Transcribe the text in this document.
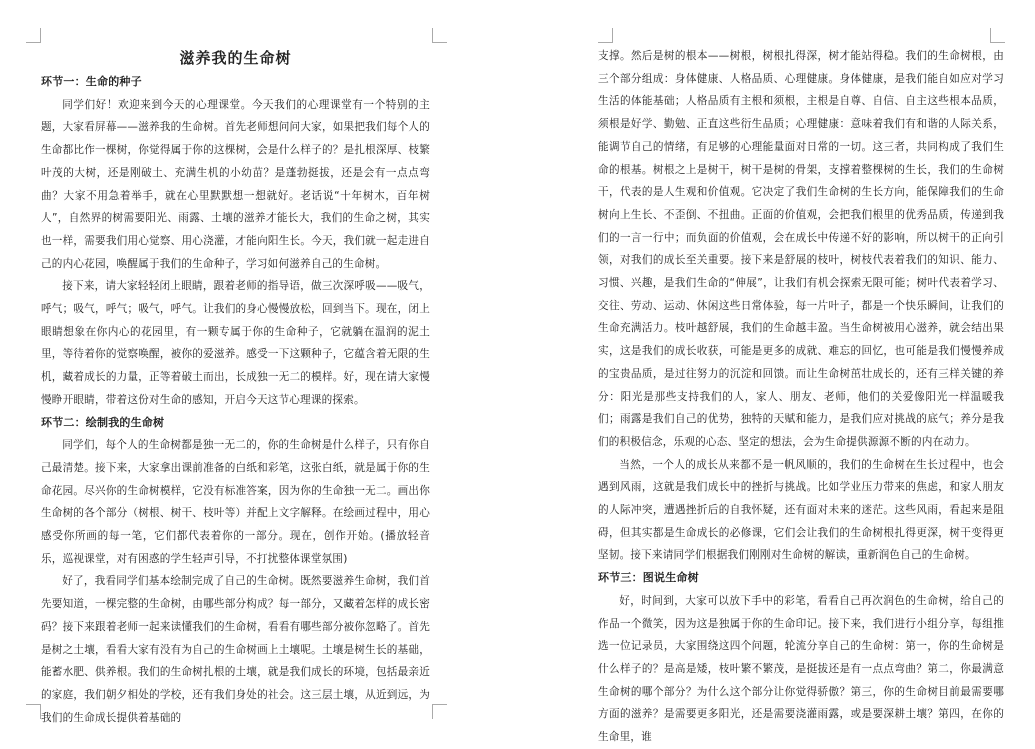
滋养我的生命树

环节一：生命的种子

同学们好！欢迎来到今天的心理课堂。今天我们的心理课堂有一个特别的主题，大家看屏幕——滋养我的生命树。首先老师想问问大家，如果把我们每个人的生命都比作一棵树，你觉得属于你的这棵树，会是什么样子的？是扎根深厚、枝繁叶茂的大树，还是刚破土、充满生机的小幼苗？是蓬勃挺拔，还是会有一点点弯曲？大家不用急着举手，就在心里默默想一想就好。老话说“十年树木，百年树人”，自然界的树需要阳光、雨露、土壤的滋养才能长大，我们的生命之树，其实也一样，需要我们用心觉察、用心浇灌，才能向阳生长。今天，我们就一起走进自己的内心花园，唤醒属于我们的生命种子，学习如何滋养自己的生命树。

接下来，请大家轻轻闭上眼睛，跟着老师的指导语，做三次深呼吸——吸气，呼气；吸气，呼气；吸气，呼气。让我们的身心慢慢放松，回到当下。现在，闭上眼睛想象在你内心的花园里，有一颗专属于你的生命种子，它就躺在温润的泥土里，等待着你的觉察唤醒，被你的爱滋养。感受一下这颗种子，它蕴含着无限的生机，藏着成长的力量，正等着破土而出，长成独一无二的模样。好，现在请大家慢慢睁开眼睛，带着这份对生命的感知，开启今天这节心理课的探索。

环节二：绘制我的生命树

同学们，每个人的生命树都是独一无二的，你的生命树是什么样子，只有你自己最清楚。接下来，大家拿出课前准备的白纸和彩笔，这张白纸，就是属于你的生命花园。尽兴你的生命树模样，它没有标准答案，因为你的生命独一无二。画出你生命树的各个部分（树根、树干、枝叶等）并配上文字解释。在绘画过程中，用心感受你所画的每一笔，它们都代表着你的一部分。现在，创作开始。(播放轻音乐，巡视课堂，对有困惑的学生轻声引导，不打扰整体课堂氛围)

好了，我看同学们基本绘制完成了自己的生命树。既然要滋养生命树，我们首先要知道，一棵完整的生命树，由哪些部分构成？每一部分，又藏着怎样的成长密码？接下来跟着老师一起来读懂我们的生命树，看看有哪些部分被你忽略了。首先是树之土壤，看看大家有没有为自己的生命树画上土壤呢。土壤是树生长的基础，能蓄水肥、供养根。我们的生命树扎根的土壤，就是我们成长的环境，包括最亲近的家庭，我们朝夕相处的学校，还有我们身处的社会。这三层土壤，从近到远，为我们的生命成长提供着基础的

支撑。然后是树的根本——树根，树根扎得深，树才能站得稳。我们的生命树根，由三个部分组成：身体健康、人格品质、心理健康。身体健康，是我们能自如应对学习生活的体能基础；人格品质有主根和须根，主根是自尊、自信、自主这些根本品质，须根是好学、勤勉、正直这些衍生品质；心理健康：意味着我们有和谐的人际关系，能调节自己的情绪，有足够的心理能量面对日常的一切。这三者，共同构成了我们生命的根基。树根之上是树干，树干是树的骨架，支撑着整棵树的生长，我们的生命树干，代表的是人生观和价值观。它决定了我们生命树的生长方向，能保障我们的生命树向上生长、不歪倒、不扭曲。正面的价值观，会把我们根里的优秀品质，传递到我们的一言一行中；而负面的价值观，会在成长中传递不好的影响，所以树干的正向引领，对我们的成长至关重要。接下来是舒展的枝叶，树枝代表着我们的知识、能力、习惯、兴趣，是我们生命的“伸展”，让我们有机会探索无限可能；树叶代表着学习、交往、劳动、运动、休闲这些日常体验，每一片叶子，都是一个快乐瞬间，让我们的生命充满活力。枝叶越舒展，我们的生命越丰盈。当生命树被用心滋养，就会结出果实，这是我们的成长收获，可能是更多的成就、难忘的回忆，也可能是我们慢慢养成的宝贵品质，是过往努力的沉淀和回馈。而让生命树茁壮成长的，还有三样关键的养分：阳光是那些支持我们的人，家人、朋友、老师，他们的关爱像阳光一样温暖我们；雨露是我们自己的优势，独特的天赋和能力，是我们应对挑战的底气；养分是我们的积极信念，乐观的心态、坚定的想法，会为生命提供源源不断的内在动力。

当然，一个人的成长从来都不是一帆风顺的，我们的生命树在生长过程中，也会遇到风雨，这就是我们成长中的挫折与挑战。比如学业压力带来的焦虑，和家人朋友的人际冲突，遭遇挫折后的自我怀疑，还有面对未来的迷茫。这些风雨，看起来是阻碍，但其实都是生命成长的必修课，它们会让我们的生命树根扎得更深，树干变得更坚韧。接下来请同学们根据我们刚刚对生命树的解读，重新润色自己的生命树。

环节三：图说生命树

好，时间到，大家可以放下手中的彩笔，看看自己再次润色的生命树，给自己的作品一个微笑，因为这是独属于你的生命印记。接下来，我们进行小组分享，每组推选一位记录员，大家围绕这四个问题，轮流分享自己的生命树：第一，你的生命树是什么样子的？是高是矮，枝叶繁不繁茂，是挺拔还是有一点点弯曲？第二，你最满意生命树的哪个部分？为什么这个部分让你觉得骄傲？第三，你的生命树目前最需要哪方面的滋养？是需要更多阳光，还是需要浇灌雨露，或是要深耕土壤？第四，在你的生命里，谁
